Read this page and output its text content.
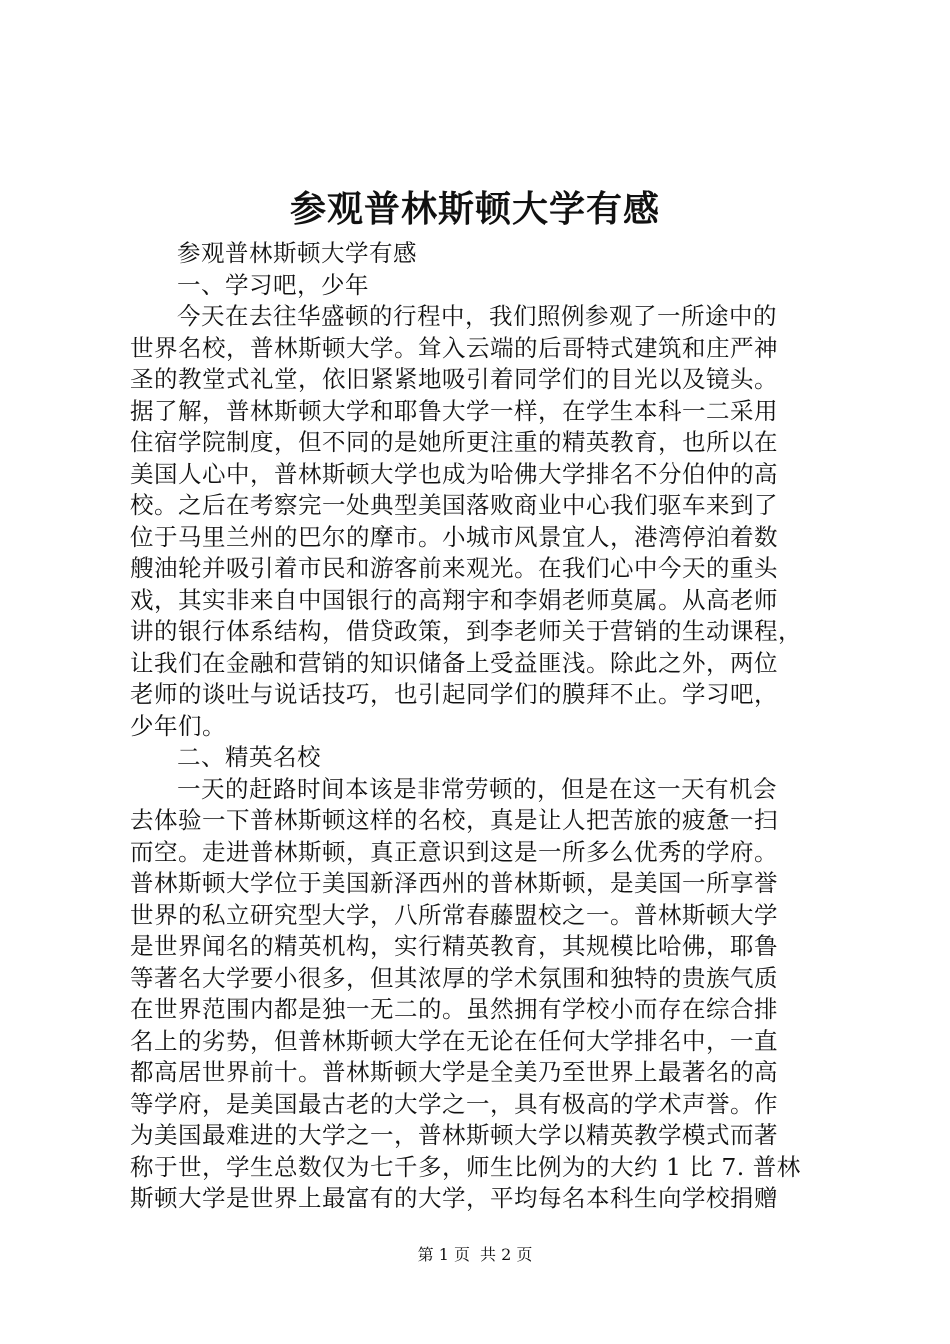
参观普林斯顿大学有感
参观普林斯顿大学有感
一、学习吧，少年
今天在去往华盛顿的行程中，我们照例参观了一所途中的
世界名校，普林斯顿大学。耸入云端的后哥特式建筑和庄严神
圣的教堂式礼堂，依旧紧紧地吸引着同学们的目光以及镜头。
据了解，普林斯顿大学和耶鲁大学一样，在学生本科一二采用
住宿学院制度，但不同的是她所更注重的精英教育，也所以在
美国人心中，普林斯顿大学也成为哈佛大学排名不分伯仲的高
校。之后在考察完一处典型美国落败商业中心我们驱车来到了
位于马里兰州的巴尔的摩市。小城市风景宜人，港湾停泊着数
艘油轮并吸引着市民和游客前来观光。在我们心中今天的重头
戏，其实非来自中国银行的高翔宇和李娟老师莫属。从高老师
讲的银行体系结构，借贷政策，到李老师关于营销的生动课程，
让我们在金融和营销的知识储备上受益匪浅。除此之外，两位
老师的谈吐与说话技巧，也引起同学们的膜拜不止。学习吧，
少年们。
二、精英名校
一天的赶路时间本该是非常劳顿的，但是在这一天有机会
去体验一下普林斯顿这样的名校，真是让人把苦旅的疲惫一扫
而空。走进普林斯顿，真正意识到这是一所多么优秀的学府。
普林斯顿大学位于美国新泽西州的普林斯顿，是美国一所享誉
世界的私立研究型大学，八所常春藤盟校之一。普林斯顿大学
是世界闻名的精英机构，实行精英教育，其规模比哈佛，耶鲁
等著名大学要小很多，但其浓厚的学术氛围和独特的贵族气质
在世界范围内都是独一无二的。虽然拥有学校小而存在综合排
名上的劣势，但普林斯顿大学在无论在任何大学排名中，一直
都高居世界前十。普林斯顿大学是全美乃至世界上最著名的高
等学府，是美国最古老的大学之一，具有极高的学术声誉。作
为美国最难进的大学之一，普林斯顿大学以精英教学模式而著
称于世，学生总数仅为七千多，师生比例为的大约 1 比 7. 普林
斯顿大学是世界上最富有的大学，平均每名本科生向学校捐赠
第 1 页 共 2 页
